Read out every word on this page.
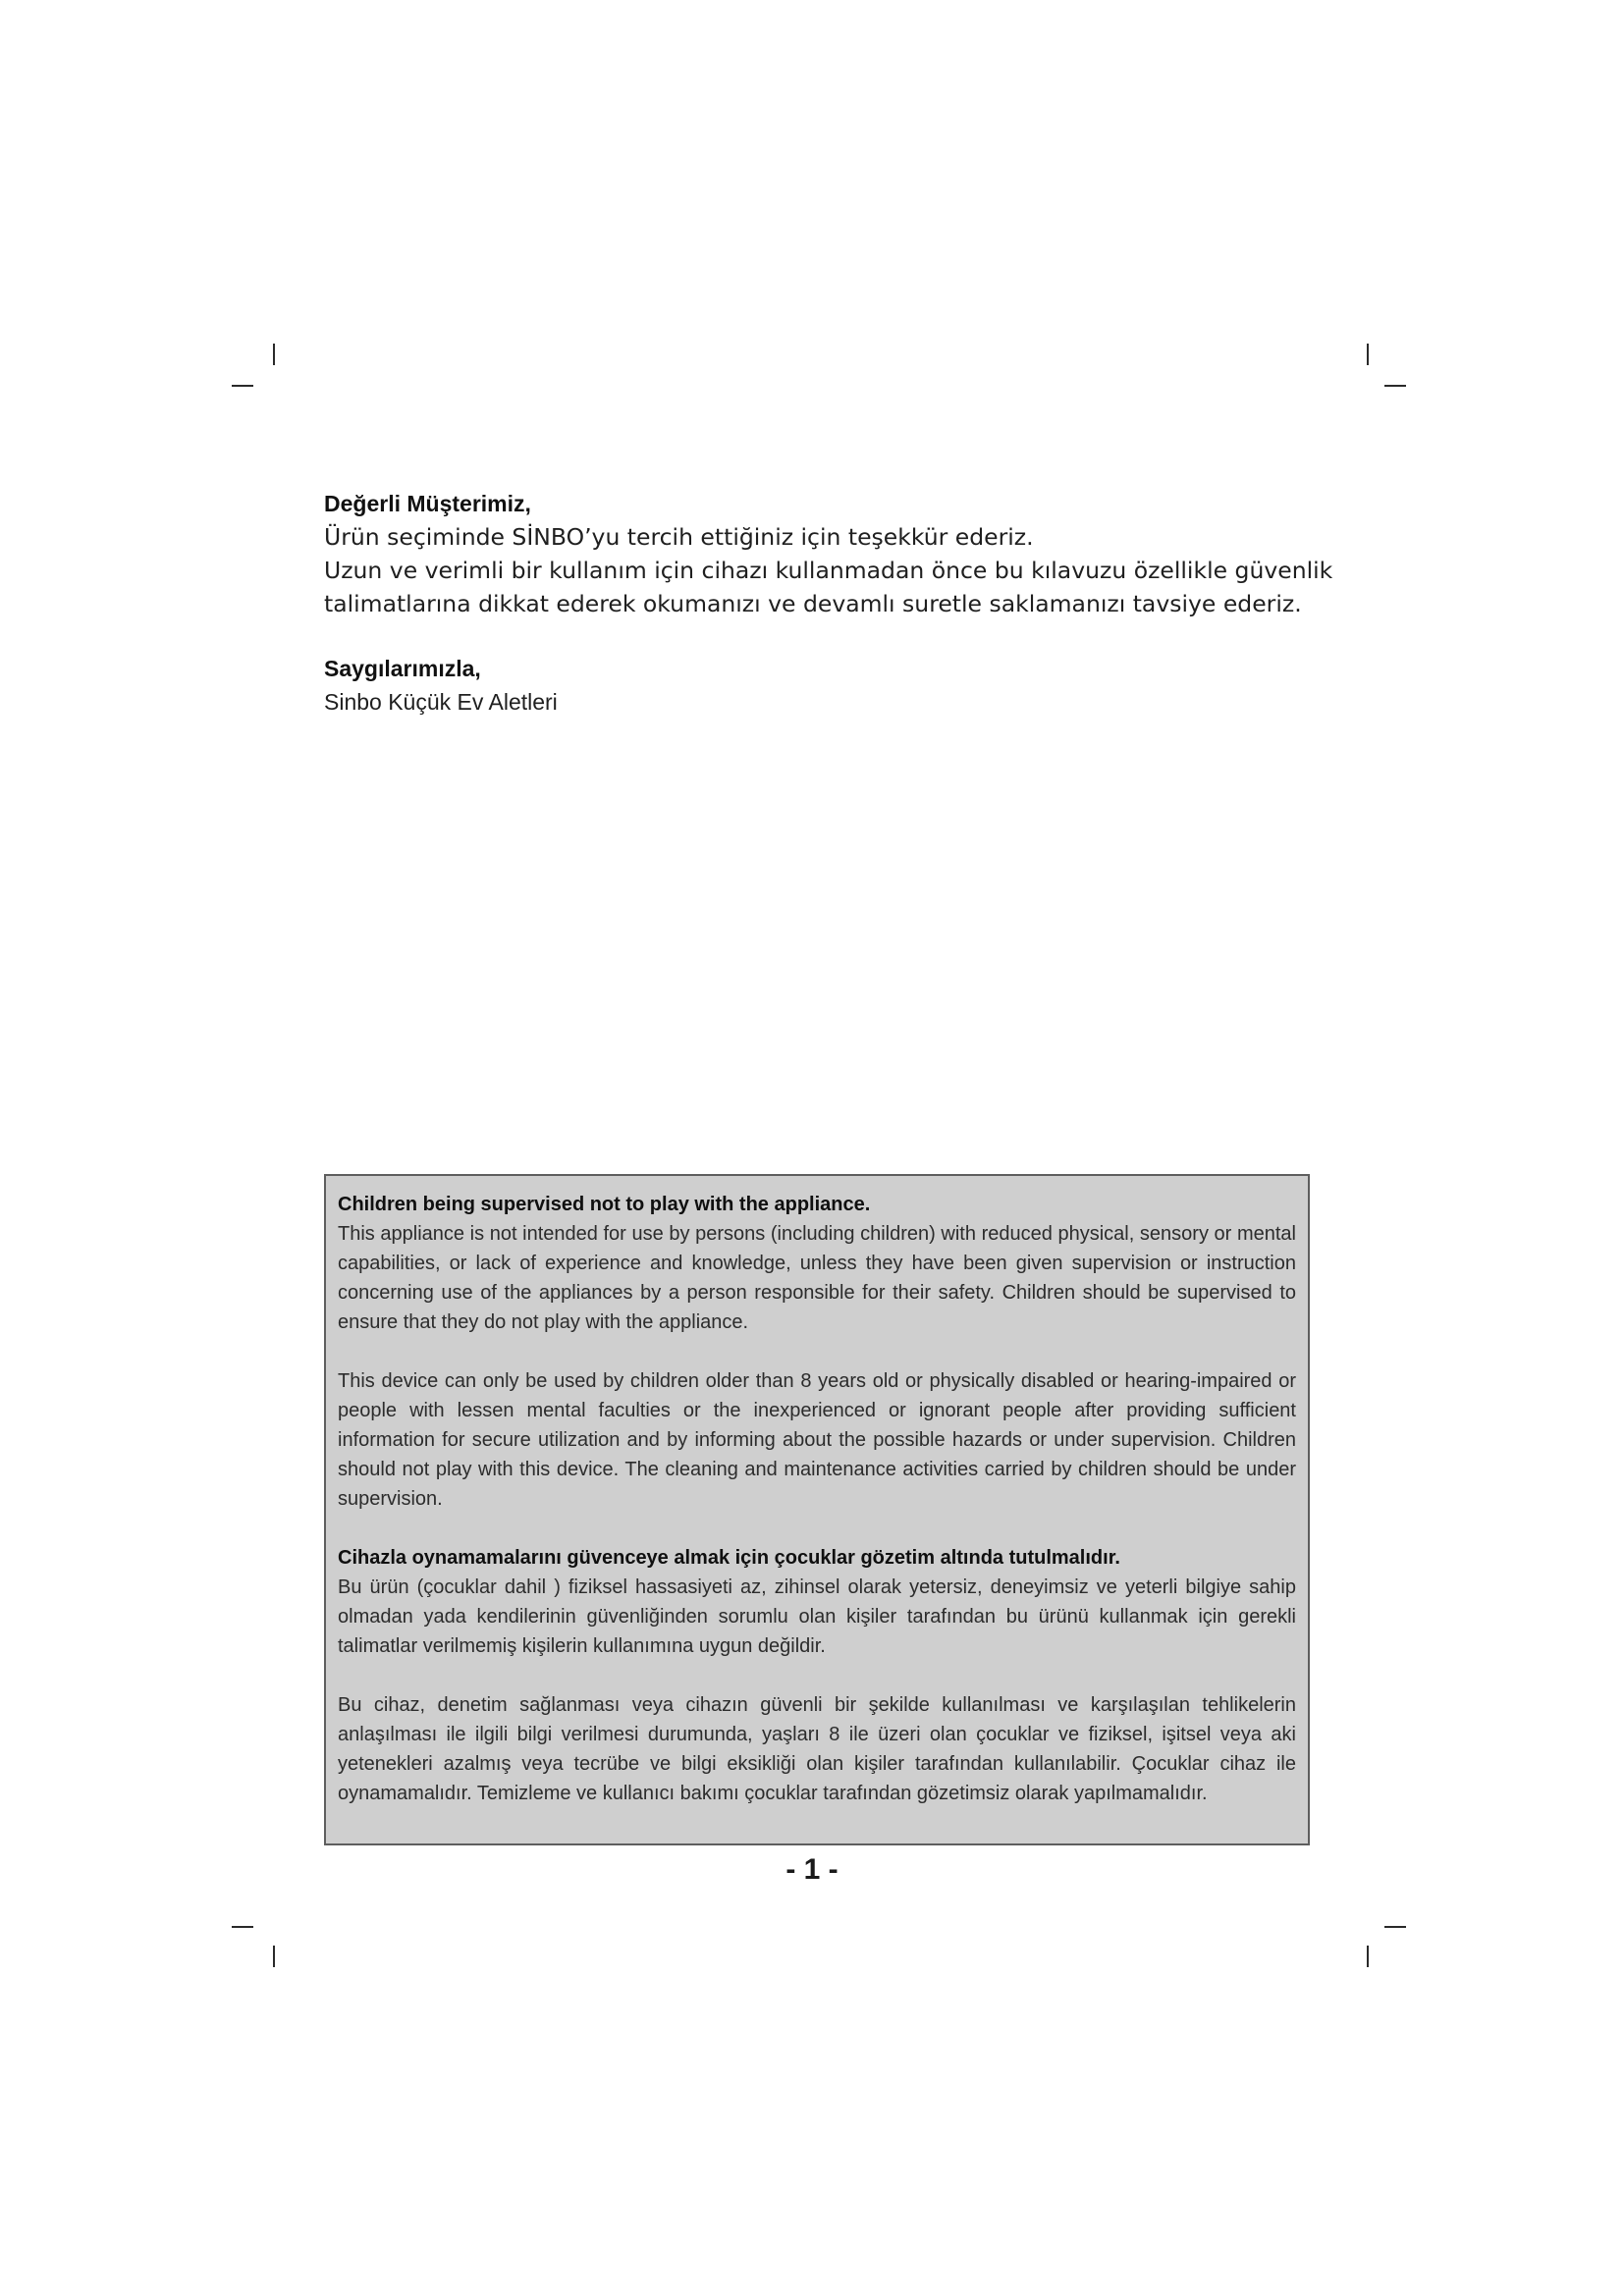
Değerli Müşterimiz,

Ürün seçiminde SİNBO’yu tercih ettiğiniz için teşekkür ederiz.

Uzun ve verimli bir kullanım için cihazı kullanmadan önce bu kılavuzu özellikle güvenlik

talimatlarına dikkat ederek okumanızı ve devamlı suretle saklamanızı tavsiye ederiz.

Saygılarımızla,

Sinbo Küçük Ev Aletleri

Children being supervised not to play with the appliance.

This appliance is not intended for use by persons (including children) with reduced physical, sensory or mental capabilities, or lack of experience and knowledge, unless they have been given supervision or instruction concerning use of the appliances by a person responsible for their safety. Children should be supervised to ensure that they do not play with the appliance.

This device can only be used by children older than 8 years old or physically disabled or hearing-impaired or people with lessen mental faculties or the inexperienced or ignorant people after providing sufficient information for secure utilization and by informing about the possible hazards or under supervision. Children should not play with this device. The cleaning and maintenance activities carried by children should be under supervision.

Cihazla oynamamalarını güvenceye almak için çocuklar gözetim altında tutulmalıdır.

Bu ürün (çocuklar dahil ) fiziksel hassasiyeti az, zihinsel olarak yetersiz, deneyimsiz ve yeterli bilgiye sahip olmadan yada kendilerinin güvenliğinden sorumlu olan kişiler tarafından bu ürünü kullanmak için gerekli talimatlar verilmemiş kişilerin kullanımına uygun değildir.

Bu cihaz, denetim sağlanması veya cihazın güvenli bir şekilde kullanılması ve karşılaşılan tehlikelerin anlaşılması ile ilgili bilgi verilmesi durumunda, yaşları 8 ile üzeri olan çocuklar ve fiziksel, işitsel veya aki yetenekleri azalmış veya tecrübe ve bilgi eksikliği olan kişiler tarafından kullanılabilir. Çocuklar cihaz ile oynamamalıdır. Temizleme ve kullanıcı bakımı çocuklar tarafından gözetimsiz olarak yapılmamalıdır.

- 1 -
